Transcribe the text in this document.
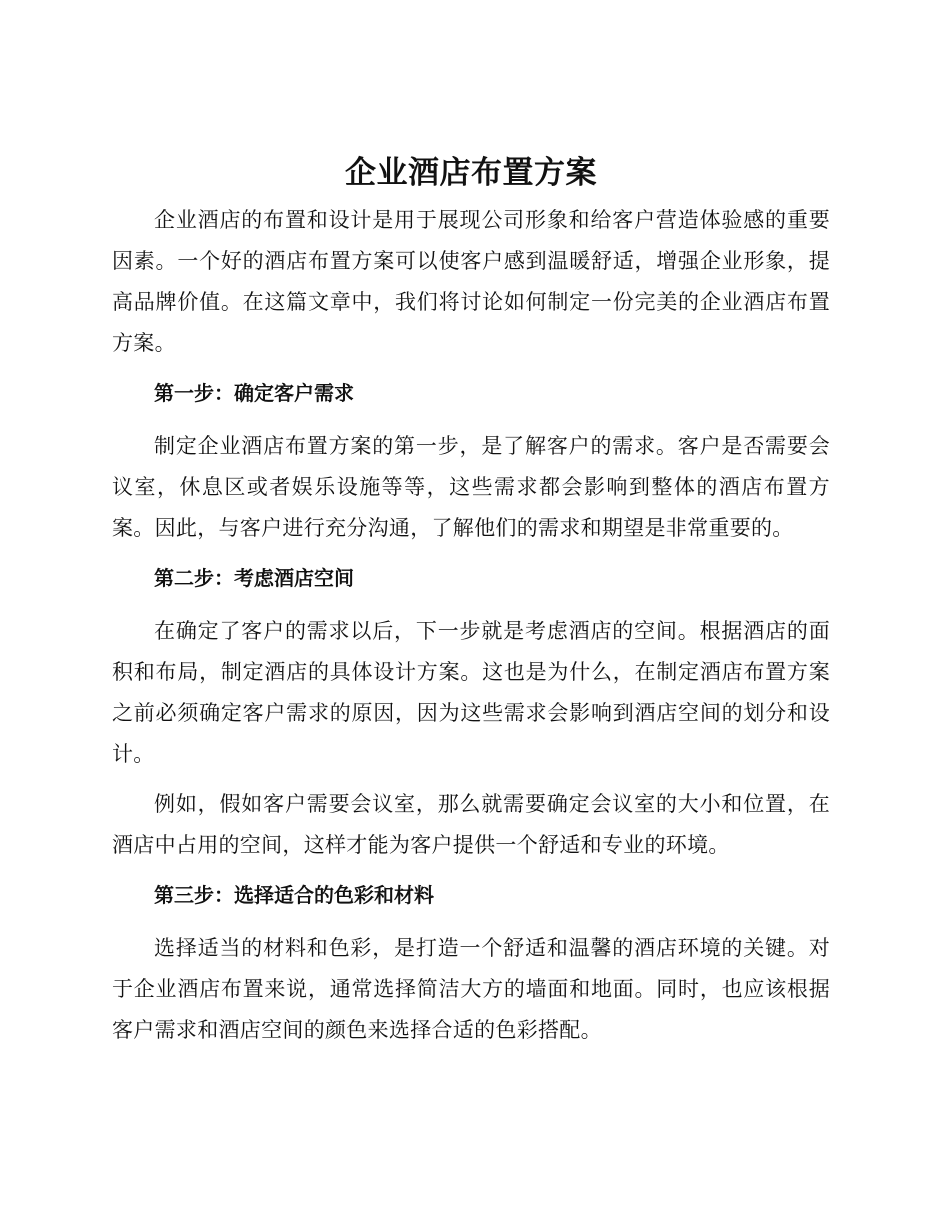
企业酒店布置方案

企业酒店的布置和设计是用于展现公司形象和给客户营造体验感的重要因素。一个好的酒店布置方案可以使客户感到温暖舒适，增强企业形象，提高品牌价值。在这篇文章中，我们将讨论如何制定一份完美的企业酒店布置方案。

第一步：确定客户需求

制定企业酒店布置方案的第一步，是了解客户的需求。客户是否需要会议室，休息区或者娱乐设施等等，这些需求都会影响到整体的酒店布置方案。因此，与客户进行充分沟通，了解他们的需求和期望是非常重要的。

第二步：考虑酒店空间

在确定了客户的需求以后，下一步就是考虑酒店的空间。根据酒店的面积和布局，制定酒店的具体设计方案。这也是为什么，在制定酒店布置方案之前必须确定客户需求的原因，因为这些需求会影响到酒店空间的划分和设计。

例如，假如客户需要会议室，那么就需要确定会议室的大小和位置，在酒店中占用的空间，这样才能为客户提供一个舒适和专业的环境。

第三步：选择适合的色彩和材料

选择适当的材料和色彩，是打造一个舒适和温馨的酒店环境的关键。对于企业酒店布置来说，通常选择简洁大方的墙面和地面。同时，也应该根据客户需求和酒店空间的颜色来选择合适的色彩搭配。
